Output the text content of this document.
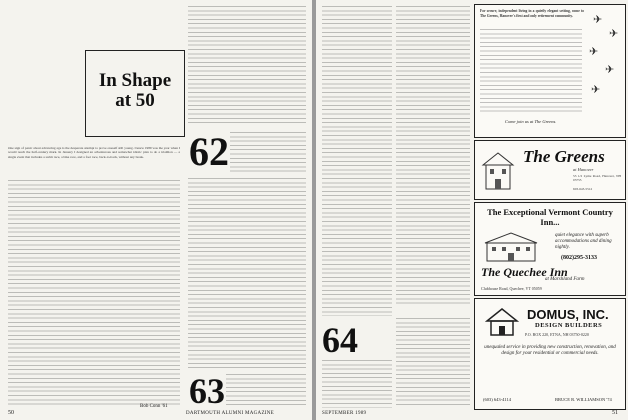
In Shape
at 50
One sign of panic about advancing age is the desperate attempt to prove oneself still young. I knew 1989 was the year when I would reach the half-century mark. In January I designed an adventurous and somewhat idiotic plan to do a triathlon — a single event that includes a swim race, a bike race, and a foot race, back-to-back, without any break.
Bob Conn '61
62
63
50	DARTMOUTH ALUMNI MAGAZINE
64
For secure, independent living in a quietly elegant setting, come to The Greens, Hanover's first and only retirement community.
Come join us at The Greens.
✈
✈
✈
✈
✈
The Greens
at Hanover
53 1/2 Lyme Road, Hanover, NH 03755
603-643-5512
The Exceptional Vermont Country Inn...
quiet elegance with superb accommodations and dining nightly.
(802)295-3133
The Quechee Inn
at Marshland Farm
Clubhouse Road, Quechee, VT 05059
DOMUS, INC.
DESIGN BUILDERS
P.O. BOX 220, ETNA, NH 03750-0220
unequaled service in providing new construction, renovation, and design for your residential or commercial needs.
(603) 643-4114	BRUCE R. WILLIAMSON '74
SEPTEMBER 1989	51
